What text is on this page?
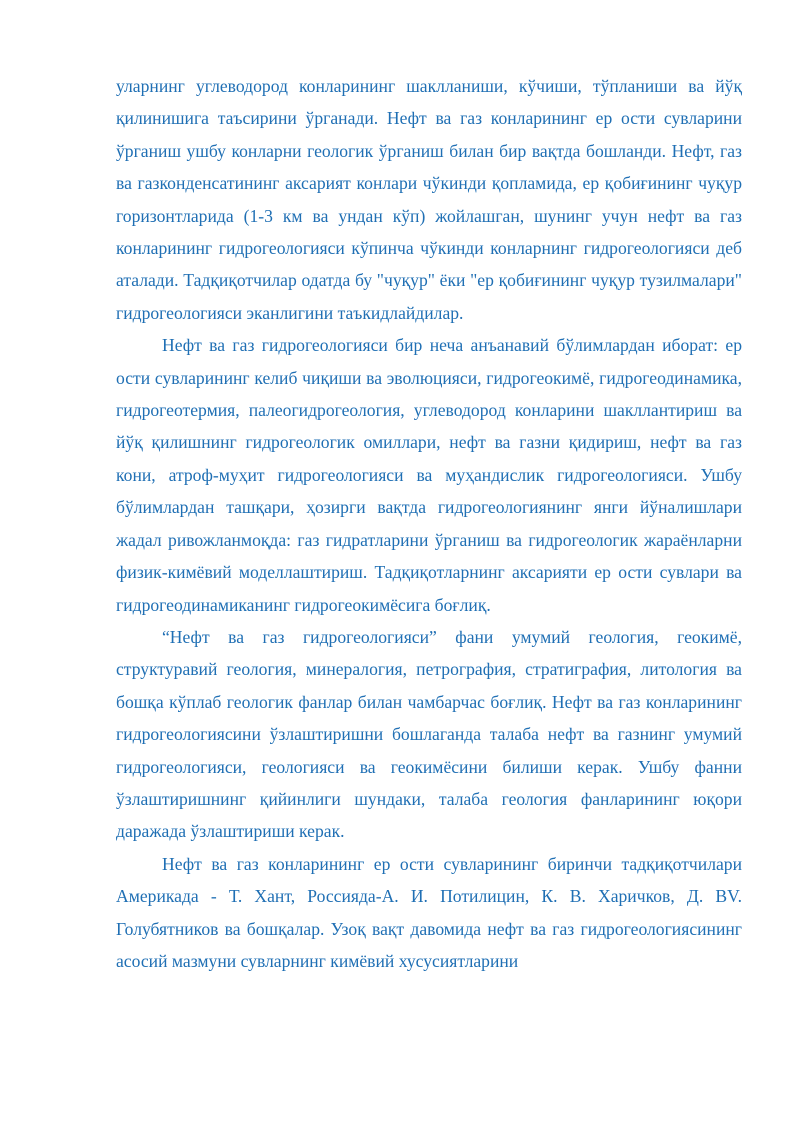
уларнинг углеводород конларининг шаклланиши, кўчиши, тўпланиши ва йўқ қилинишига таъсирини ўрганади. Нефт ва газ конларининг ер ости сувларини ўрганиш ушбу конларни геологик ўрганиш билан бир вақтда бошланди. Нефт, газ ва газконденсатининг аксарият конлари чўкинди қопламида, ер қобиғининг чуқур горизонтларида (1-3 км ва ундан кўп) жойлашган, шунинг учун нефт ва газ конларининг гидрогеологияси кўпинча чўкинди конларнинг гидрогеологияси деб аталади. Тадқиқотчилар одатда бу "чуқур" ёки "ер қобиғининг чуқур тузилмалари" гидрогеологияси эканлигини таъкидлайдилар.

Нефт ва газ гидрогеологияси бир неча анъанавий бўлимлардан иборат: ер ости сувларининг келиб чиқиши ва эволюцияси, гидрогеокимё, гидрогеодинамика, гидрогеотермия, палеогидрогеология, углеводород конларини шакллантириш ва йўқ қилишнинг гидрогеологик омиллари, нефт ва газни қидириш, нефт ва газ кони, атроф-муҳит гидрогеологияси ва муҳандислик гидрогеологияси. Ушбу бўлимлардан ташқари, ҳозирги вақтда гидрогеологиянинг янги йўналишлари жадал ривожланмоқда: газ гидратларини ўрганиш ва гидрогеологик жараёнларни физик-кимёвий моделлаштириш. Тадқиқотларнинг аксарияти ер ости сувлари ва гидрогеодинамиканинг гидрогеокимёсига боғлиқ.

“Нефт ва газ гидрогеологияси” фани умумий геология, геокимё, структуравий геология, минералогия, петрография, стратиграфия, литология ва бошқа кўплаб геологик фанлар билан чамбарчас боғлиқ. Нефт ва газ конларининг гидрогеологиясини ўзлаштиришни бошлаганда талаба нефт ва газнинг умумий гидрогеологияси, геологияси ва геокимёсини билиши керак. Ушбу фанни ўзлаштиришнинг қийинлиги шундаки, талаба геология фанларининг юқори даражада ўзлаштириши керак.

Нефт ва газ конларининг ер ости сувларининг биринчи тадқиқотчилари Америкада - Т. Хант, Россияда-А. И. Потилицин, К. В. Харичков, Д. ВV. Голубятников ва бошқалар. Узоқ вақт давомида нефт ва газ гидрогеологиясининг асосий мазмуни сувларнинг кимёвий хусусиятларини
